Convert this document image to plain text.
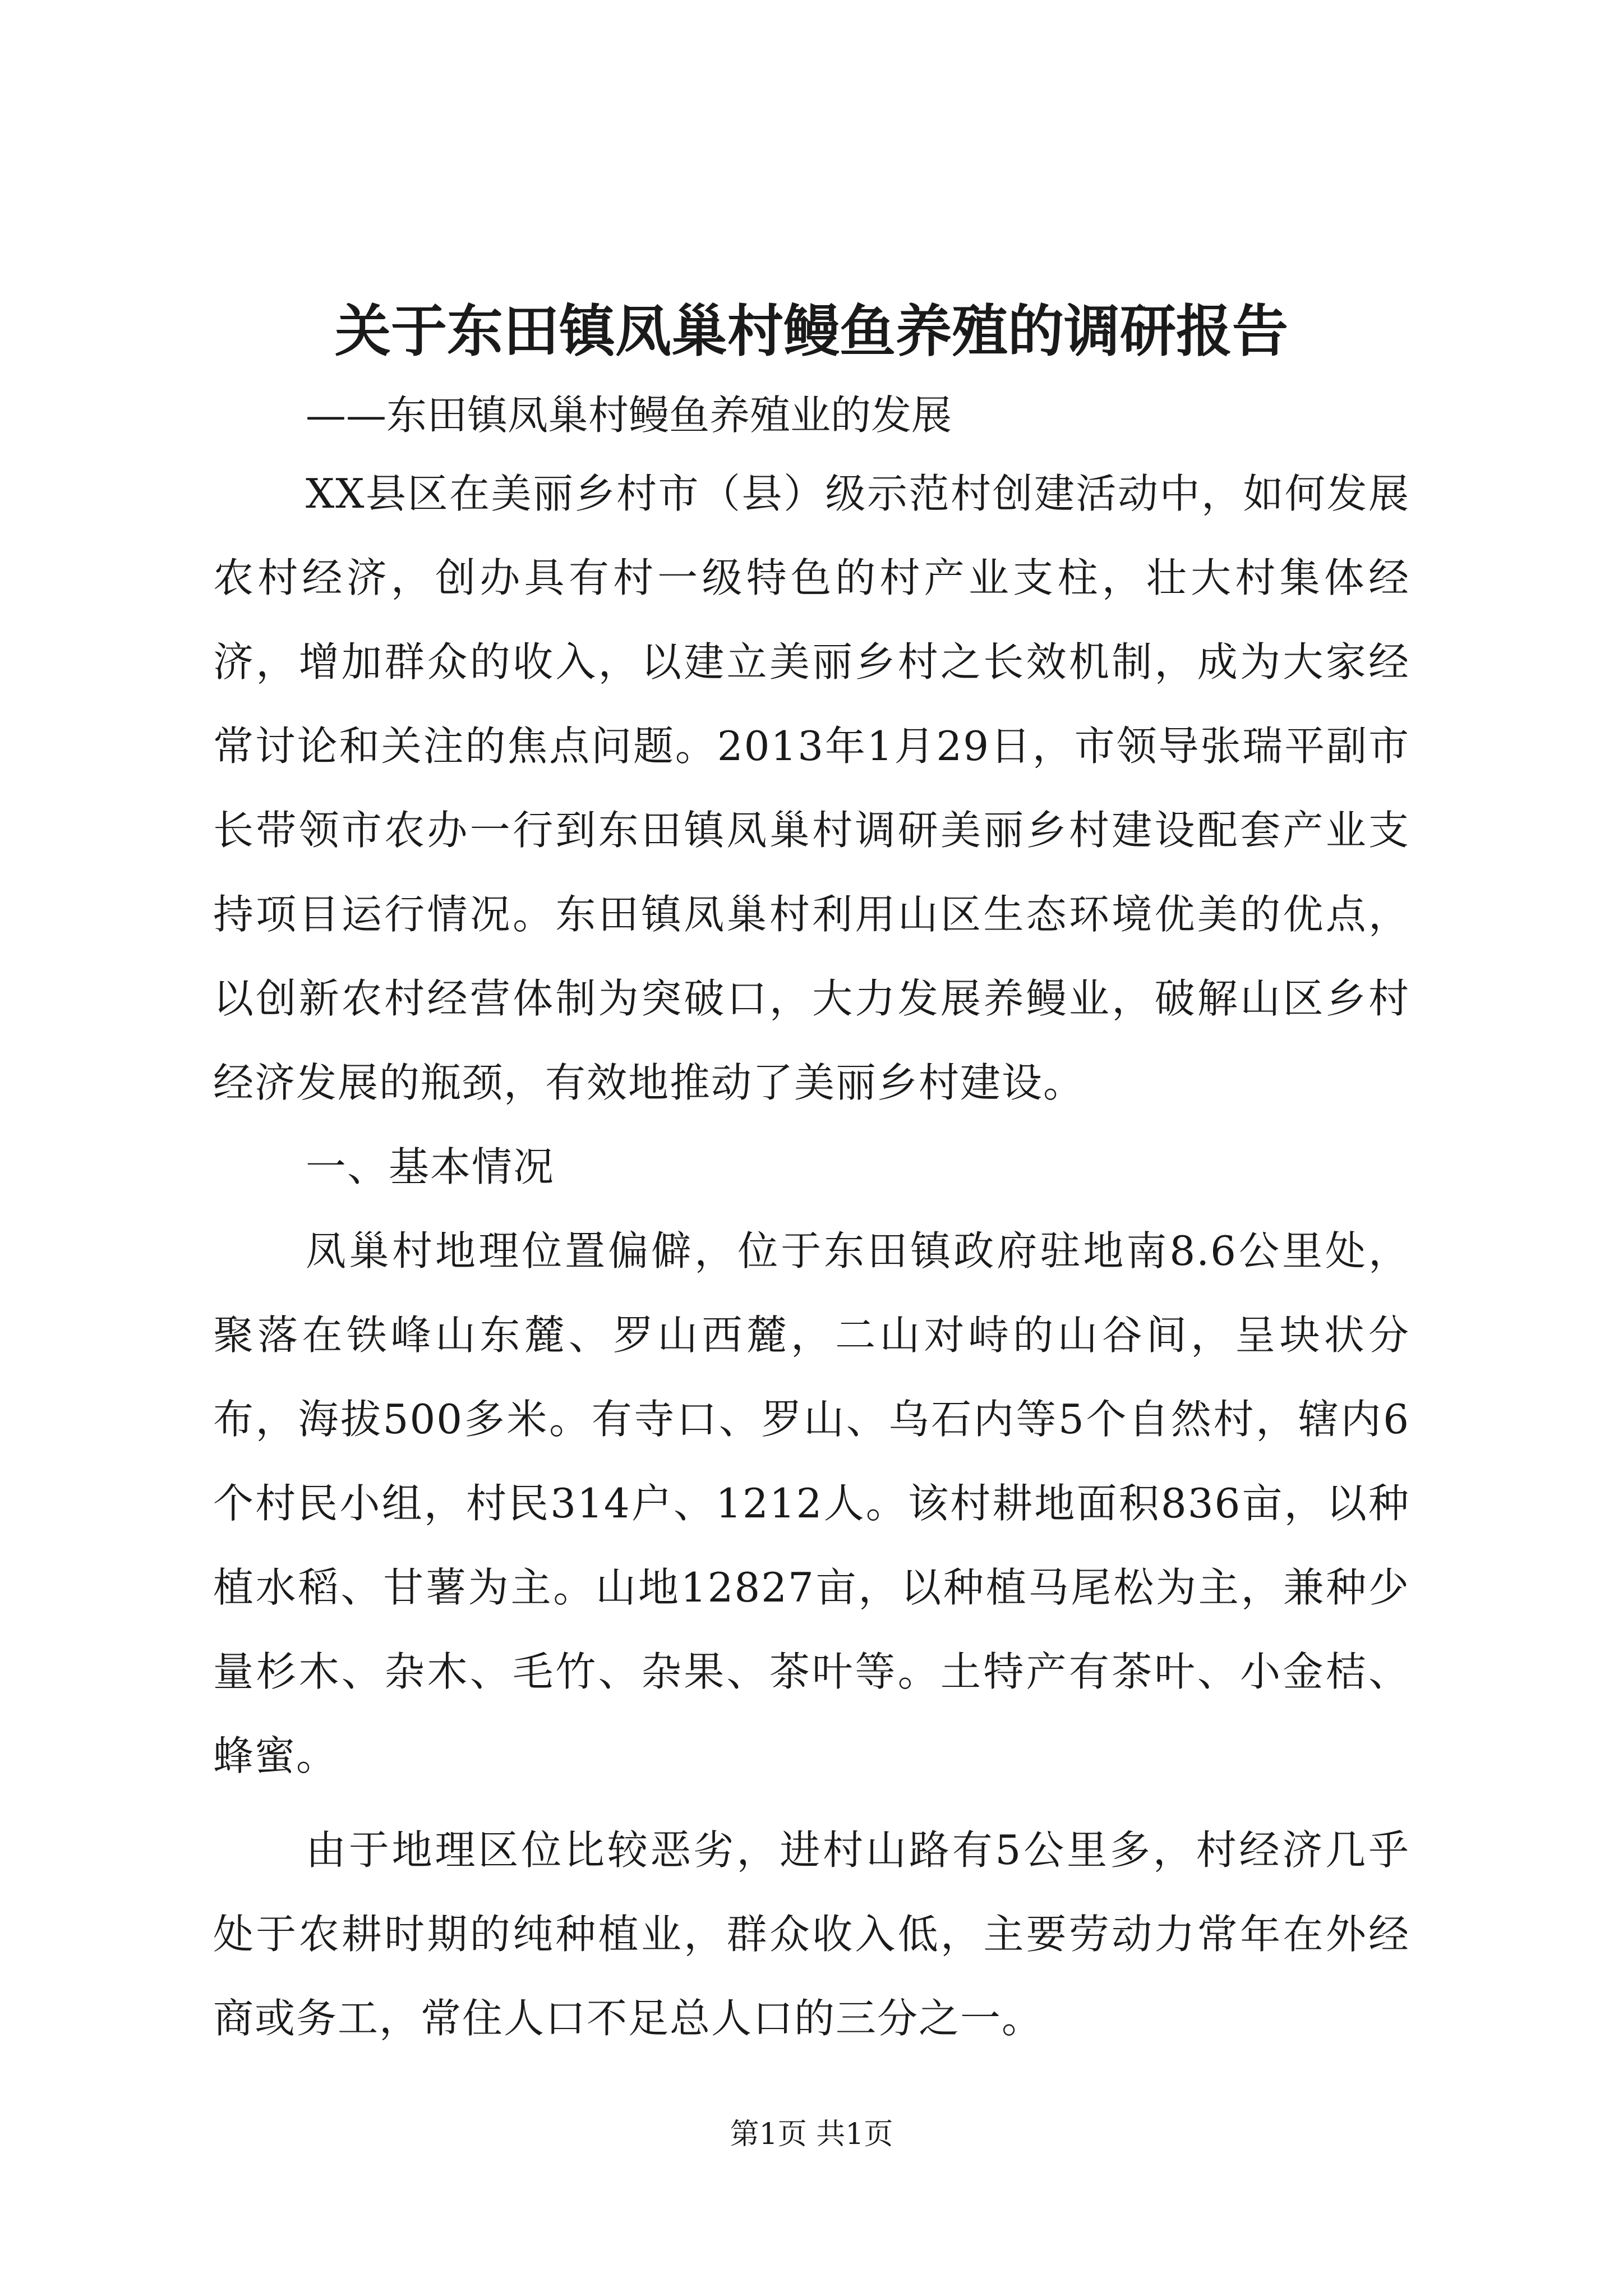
关于东田镇凤巢村鳗鱼养殖的调研报告

——东田镇凤巢村鳗鱼养殖业的发展

XX县区在美丽乡村市（县）级示范村创建活动中，如何发展农村经济，创办具有村一级特色的村产业支柱，壮大村集体经济，增加群众的收入，以建立美丽乡村之长效机制，成为大家经常讨论和关注的焦点问题。2013年1月29日，市领导张瑞平副市长带领市农办一行到东田镇凤巢村调研美丽乡村建设配套产业支持项目运行情况。东田镇凤巢村利用山区生态环境优美的优点，以创新农村经营体制为突破口，大力发展养鳗业，破解山区乡村经济发展的瓶颈，有效地推动了美丽乡村建设。

一、基本情况

凤巢村地理位置偏僻，位于东田镇政府驻地南8.6公里处，聚落在铁峰山东麓、罗山西麓，二山对峙的山谷间，呈块状分布，海拔500多米。有寺口、罗山、乌石内等5个自然村，辖内6个村民小组，村民314户、1212人。该村耕地面积836亩，以种植水稻、甘薯为主。山地12827亩，以种植马尾松为主，兼种少量杉木、杂木、毛竹、杂果、茶叶等。土特产有茶叶、小金桔、蜂蜜。

由于地理区位比较恶劣，进村山路有5公里多，村经济几乎处于农耕时期的纯种植业，群众收入低，主要劳动力常年在外经商或务工，常住人口不足总人口的三分之一。

第1页 共1页
